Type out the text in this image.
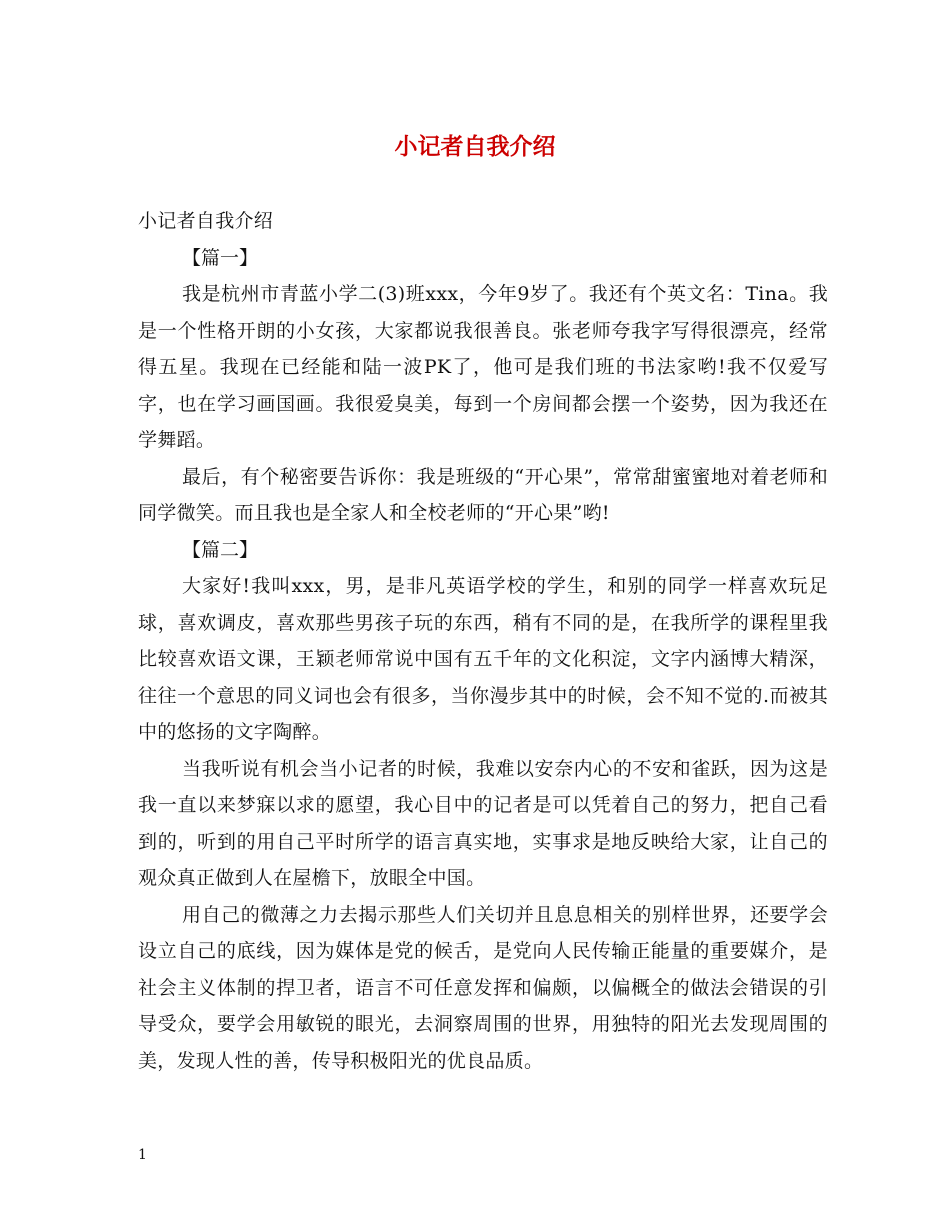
小记者自我介绍

小记者自我介绍

【篇一】

我是杭州市青蓝小学二(3)班xxx，今年9岁了。我还有个英文名：Tina。我是一个性格开朗的小女孩，大家都说我很善良。张老师夸我字写得很漂亮，经常得五星。我现在已经能和陆一波PK了，他可是我们班的书法家哟!我不仅爱写字，也在学习画国画。我很爱臭美，每到一个房间都会摆一个姿势，因为我还在学舞蹈。

最后，有个秘密要告诉你：我是班级的“开心果”，常常甜蜜蜜地对着老师和同学微笑。而且我也是全家人和全校老师的“开心果”哟!

【篇二】

大家好!我叫xxx，男，是非凡英语学校的学生，和别的同学一样喜欢玩足球，喜欢调皮，喜欢那些男孩子玩的东西，稍有不同的是，在我所学的课程里我比较喜欢语文课，王颖老师常说中国有五千年的文化积淀，文字内涵博大精深，往往一个意思的同义词也会有很多，当你漫步其中的时候，会不知不觉的.而被其中的悠扬的文字陶醉。

当我听说有机会当小记者的时候，我难以安奈内心的不安和雀跃，因为这是我一直以来梦寐以求的愿望，我心目中的记者是可以凭着自己的努力，把自己看到的，听到的用自己平时所学的语言真实地，实事求是地反映给大家，让自己的观众真正做到人在屋檐下，放眼全中国。

用自己的微薄之力去揭示那些人们关切并且息息相关的别样世界，还要学会设立自己的底线，因为媒体是党的候舌，是党向人民传输正能量的重要媒介，是社会主义体制的捍卫者，语言不可任意发挥和偏颇，以偏概全的做法会错误的引导受众，要学会用敏锐的眼光，去洞察周围的世界，用独特的阳光去发现周围的美，发现人性的善，传导积极阳光的优良品质。

1
